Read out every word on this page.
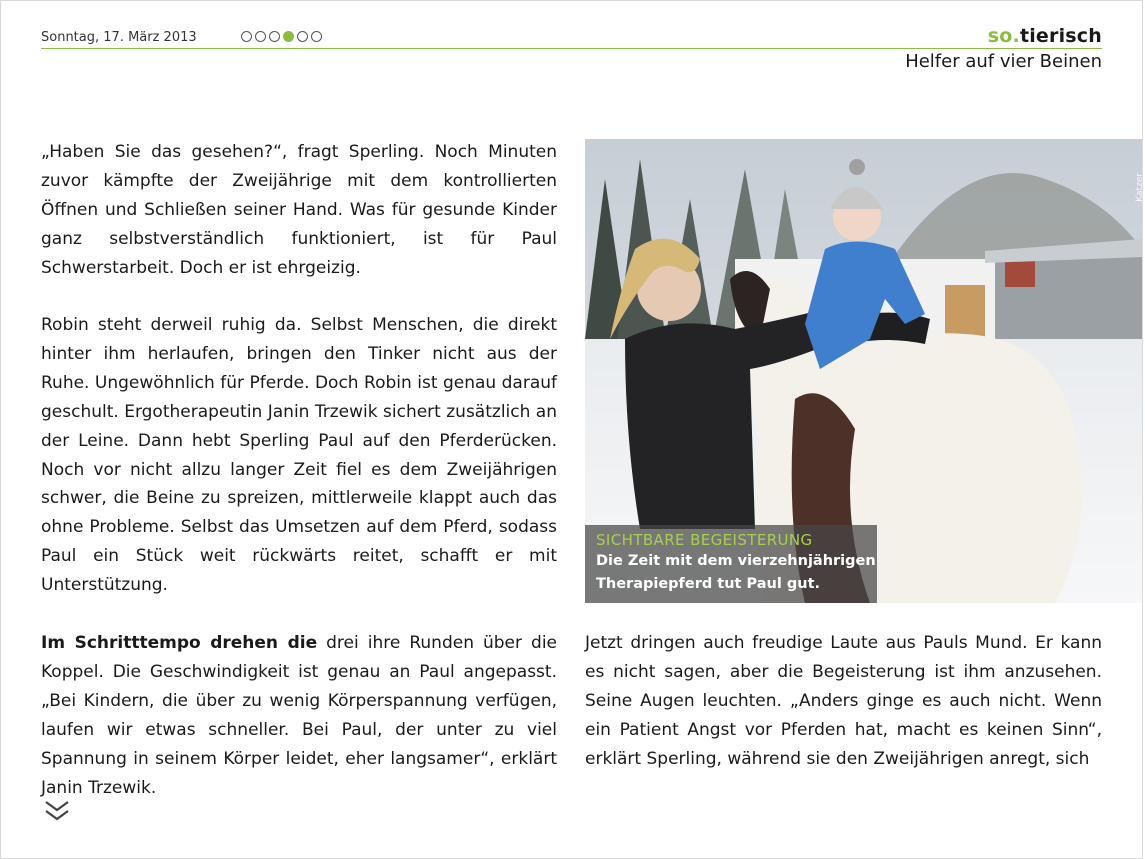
Sonntag, 17. März 2013	so.tierisch
Helfer auf vier Beinen

„Haben Sie das gesehen?“, fragt Sperling. Noch Minuten zuvor kämpfte der Zweijährige mit dem kontrollierten Öffnen und Schließen seiner Hand. Was für gesunde Kinder ganz selbstverständlich funktioniert, ist für Paul Schwerstarbeit. Doch er ist ehrgeizig.

Robin steht derweil ruhig da. Selbst Menschen, die direkt hinter ihm herlaufen, bringen den Tinker nicht aus der Ruhe. Ungewöhnlich für Pferde. Doch Robin ist genau darauf geschult. Ergotherapeutin Janin Trzewik sichert zusätzlich an der Leine. Dann hebt Sperling Paul auf den Pferderücken. Noch vor nicht allzu langer Zeit fiel es dem Zweijährigen schwer, die Beine zu spreizen, mittlerweile klappt auch das ohne Probleme. Selbst das Umsetzen auf dem Pferd, sodass Paul ein Stück weit rückwärts reitet, schafft er mit Unterstützung.

Im Schritttempo drehen die drei ihre Runden über die Koppel. Die Geschwindigkeit ist genau an Paul angepasst. „Bei Kindern, die über zu wenig Körperspannung verfügen, laufen wir etwas schneller. Bei Paul, der unter zu viel Spannung in seinem Körper leidet, eher langsamer“, erklärt Janin Trzewik.

Katzer
SICHTBARE BEGEISTERUNG
Die Zeit mit dem vierzehnjährigen
Therapiepferd tut Paul gut.

Jetzt dringen auch freudige Laute aus Pauls Mund. Er kann es nicht sagen, aber die Begeisterung ist ihm anzusehen. Seine Augen leuchten. „Anders ginge es auch nicht. Wenn ein Patient Angst vor Pferden hat, macht es keinen Sinn“, erklärt Sperling, während sie den Zweijährigen anregt, sich
